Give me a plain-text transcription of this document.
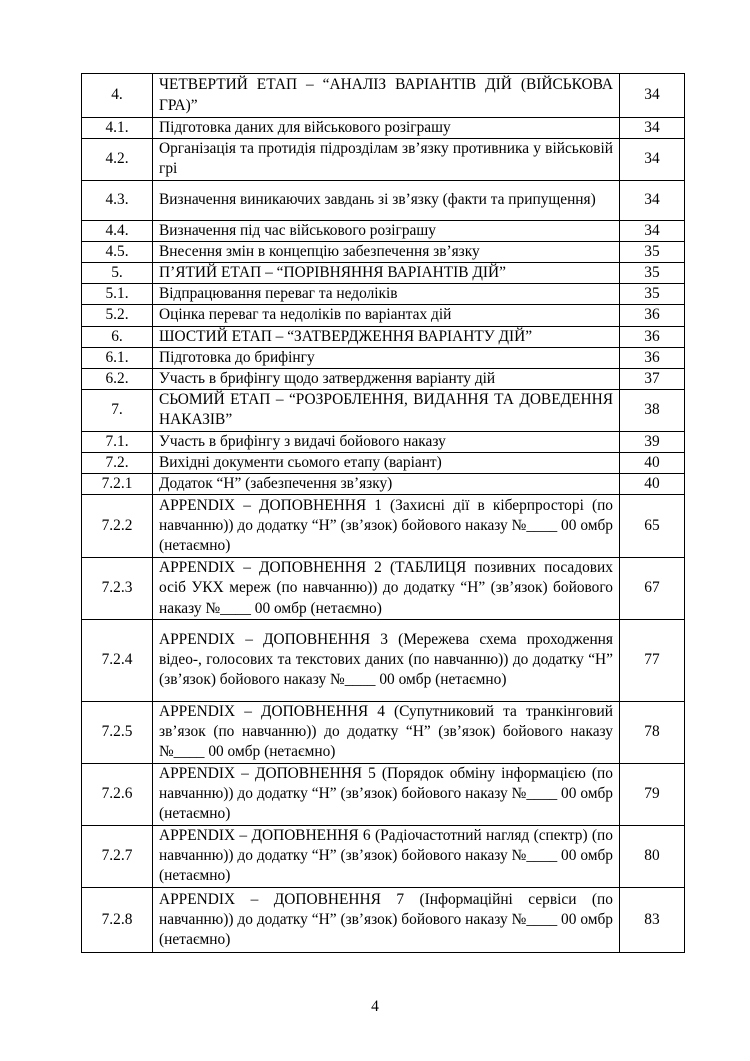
4.	ЧЕТВЕРТИЙ ЕТАП – “АНАЛІЗ ВАРІАНТІВ ДІЙ (ВІЙСЬКОВА ГРА)”	34
4.1.	Підготовка даних для військового розіграшу	34
4.2.	Організація та протидія підрозділам зв’язку противника у військовій грі	34
4.3.	Визначення виникаючих завдань зі зв’язку (факти та припущення)	34
4.4.	Визначення під час військового розіграшу	34
4.5.	Внесення змін в концепцію забезпечення зв’язку	35
5.	П’ЯТИЙ ЕТАП – “ПОРІВНЯННЯ ВАРІАНТІВ ДІЙ”	35
5.1.	Відпрацювання переваг та недоліків	35
5.2.	Оцінка переваг та недоліків по варіантах дій	36
6.	ШОСТИЙ ЕТАП – “ЗАТВЕРДЖЕННЯ ВАРІАНТУ ДІЙ”	36
6.1.	Підготовка до брифінгу	36
6.2.	Участь в брифінгу щодо затвердження варіанту дій	37
7.	СЬОМИЙ ЕТАП – “РОЗРОБЛЕННЯ, ВИДАННЯ ТА ДОВЕДЕННЯ НАКАЗІВ”	38
7.1.	Участь в брифінгу з видачі бойового наказу	39
7.2.	Вихідні документи сьомого етапу (варіант)	40
7.2.1	Додаток “Н” (забезпечення зв’язку)	40
7.2.2	APPENDIX – ДОПОВНЕННЯ 1 (Захисні дії в кіберпросторі (по навчанню)) до додатку “Н” (зв’язок) бойового наказу №____ 00 омбр (нетаємно)	65
7.2.3	APPENDIX – ДОПОВНЕННЯ 2 (ТАБЛИЦЯ позивних посадових осіб УКХ мереж (по навчанню)) до додатку “Н” (зв’язок) бойового наказу №____ 00 омбр (нетаємно)	67
7.2.4	APPENDIX – ДОПОВНЕННЯ 3 (Мережева схема проходження відео-, голосових та текстових даних (по навчанню)) до додатку “Н” (зв’язок) бойового наказу №____ 00 омбр (нетаємно)	77
7.2.5	APPENDIX – ДОПОВНЕННЯ 4 (Супутниковий та транкінговий зв’язок (по навчанню)) до додатку “Н” (зв’язок) бойового наказу №____ 00 омбр (нетаємно)	78
7.2.6	APPENDIX – ДОПОВНЕННЯ 5 (Порядок обміну інформацією (по навчанню)) до додатку “Н” (зв’язок) бойового наказу №____ 00 омбр (нетаємно)	79
7.2.7	APPENDIX – ДОПОВНЕННЯ 6 (Радіочастотний нагляд (спектр) (по навчанню)) до додатку “Н” (зв’язок) бойового наказу №____ 00 омбр (нетаємно)	80
7.2.8	APPENDIX – ДОПОВНЕННЯ 7 (Інформаційні сервіси (по навчанню)) до додатку “Н” (зв’язок) бойового наказу №____ 00 омбр (нетаємно)	83
4
